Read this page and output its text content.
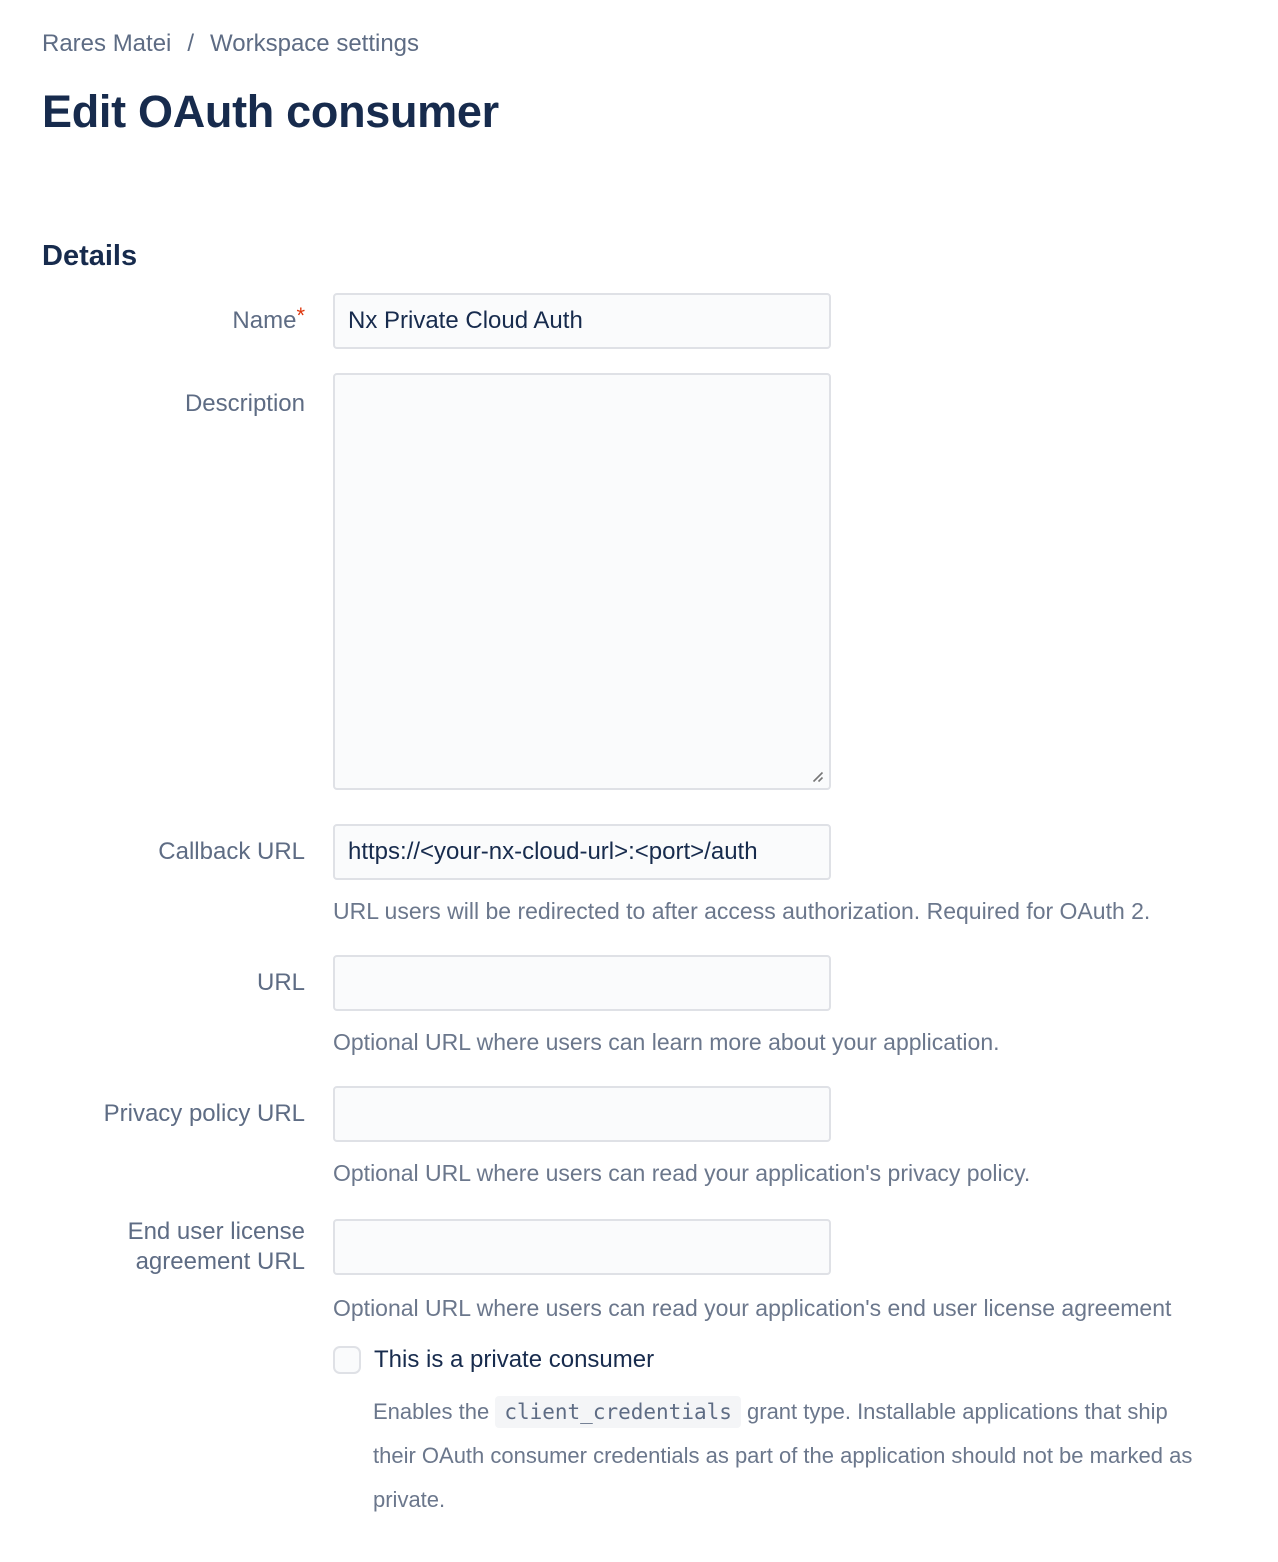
Rares Matei / Workspace settings
Edit OAuth consumer
Details
Name*
Nx Private Cloud Auth
Description
Callback URL
https://<your-nx-cloud-url>:<port>/auth

URL users will be redirected to after access authorization. Required for OAuth 2.

URL

Optional URL where users can learn more about your application.

Privacy policy URL

Optional URL where users can read your application's privacy policy.

End user license agreement URL

Optional URL where users can read your application's end user license agreement

This is a private consumer

Enables the client_credentials grant type. Installable applications that ship their OAuth consumer credentials as part of the application should not be marked as private.
